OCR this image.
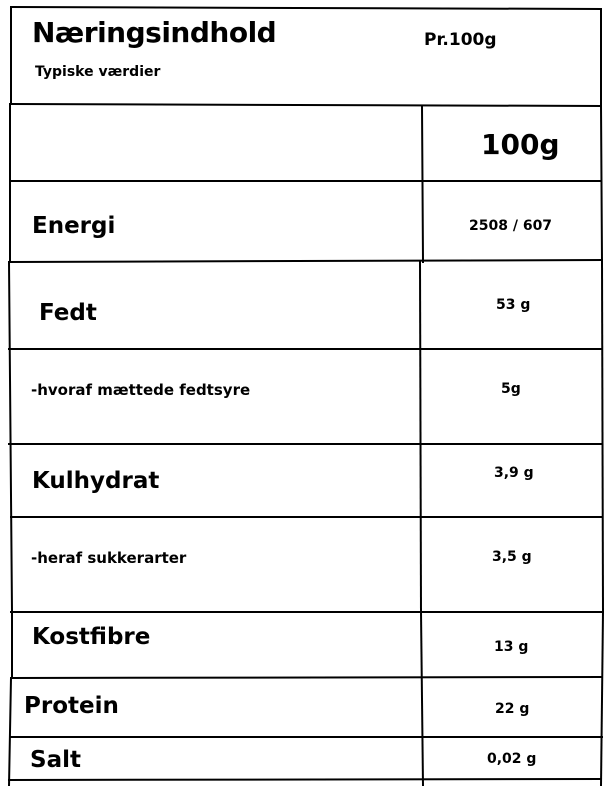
Næringsindhold	Pr.100g
Typiske værdier
100g
Energi	2508 / 607
Fedt	53 g
-hvoraf mættede fedtsyre	5g
Kulhydrat	3,9 g
-heraf sukkerarter	3,5 g
Kostfibre	13 g
Protein	22 g
Salt	0,02 g
